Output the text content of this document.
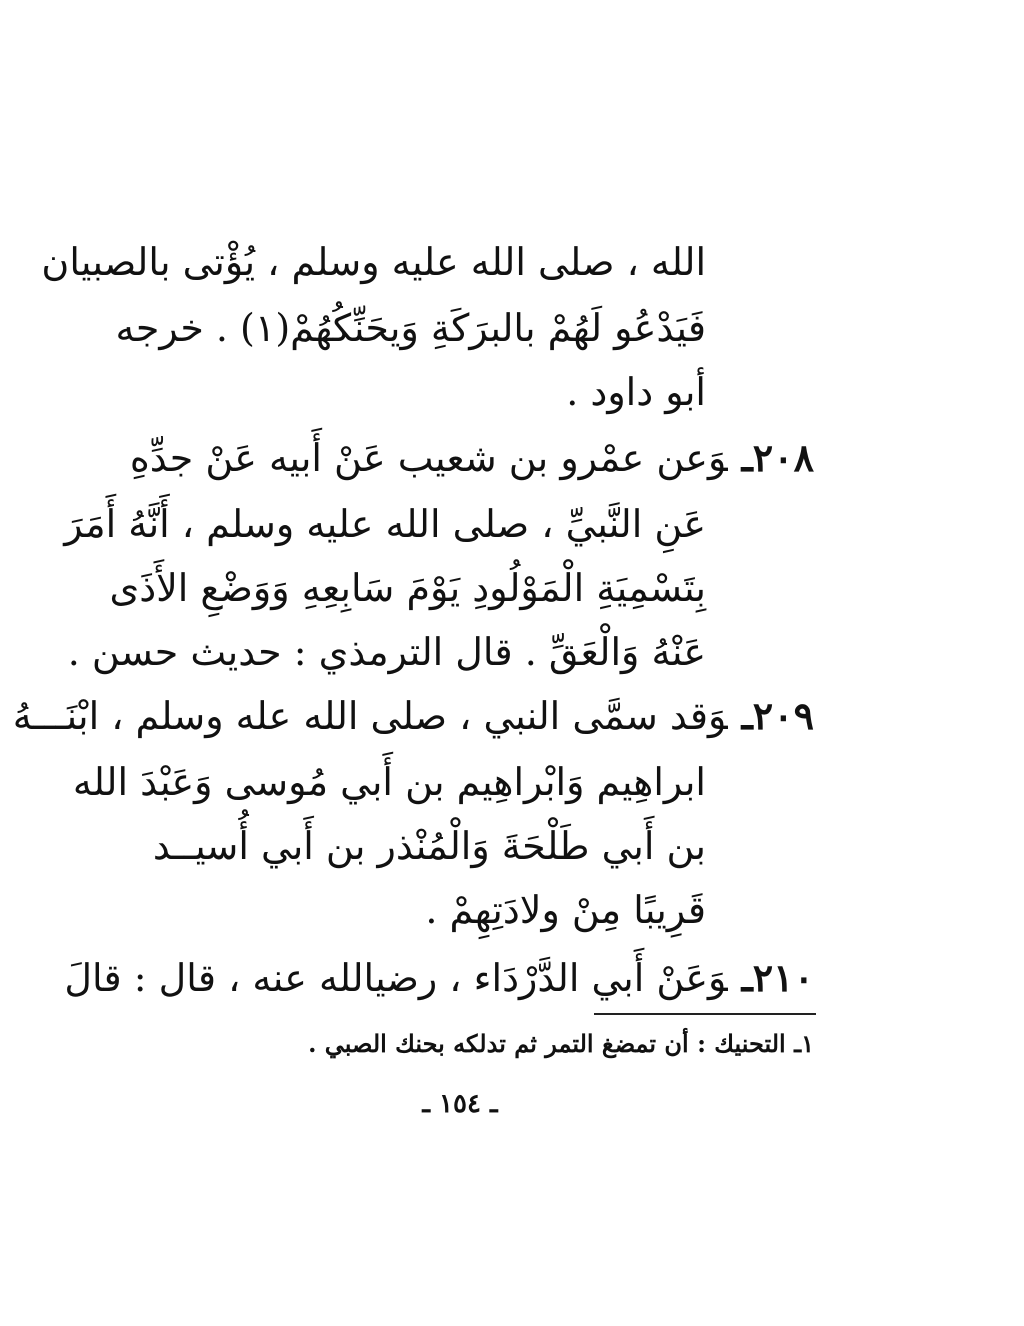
الله ، صلى الله عليه وسلم ، يُؤْتى بالصبيان
فَيَدْعُو لَهُمْ بالبرَكَةِ وَيحَنِّكُهُمْ(١) . خرجه
أبو داود .
٢٠٨ـوَعن عمْرو بن شعيب عَنْ أَبيه عَنْ جدِّهِ
عَنِ النَّبيِّ ، صلى الله عليه وسلم ، أَنَّهُ أَمَرَ
بِتَسْمِيَةِ الْمَوْلُودِ يَوْمَ سَابِعِهِ وَوَضْعِ الأَذَى
عَنْهُ وَالْعَقِّ . قال الترمذي : حديث حسن .
٢٠٩ـوَقد سمَّى النبي ، صلى الله عله وسلم ، ابْنَـــهُ
ابراهِيم وَابْراهِيم بن أَبي مُوسى وَعَبْدَ الله
بن أَبي طَلْحَةَ وَالْمُنْذر بن أَبي أُسيــد
قَرِيبًا مِنْ ولادَتِهِمْ .
٢١٠ـوَعَنْ أَبي الدَّرْدَاء ، رضيالله عنه ، قال : قالَ
١ـ التحنيك : أن تمضغ التمر ثم تدلكه بحنك الصبي .
ـ ١٥٤ ـ
